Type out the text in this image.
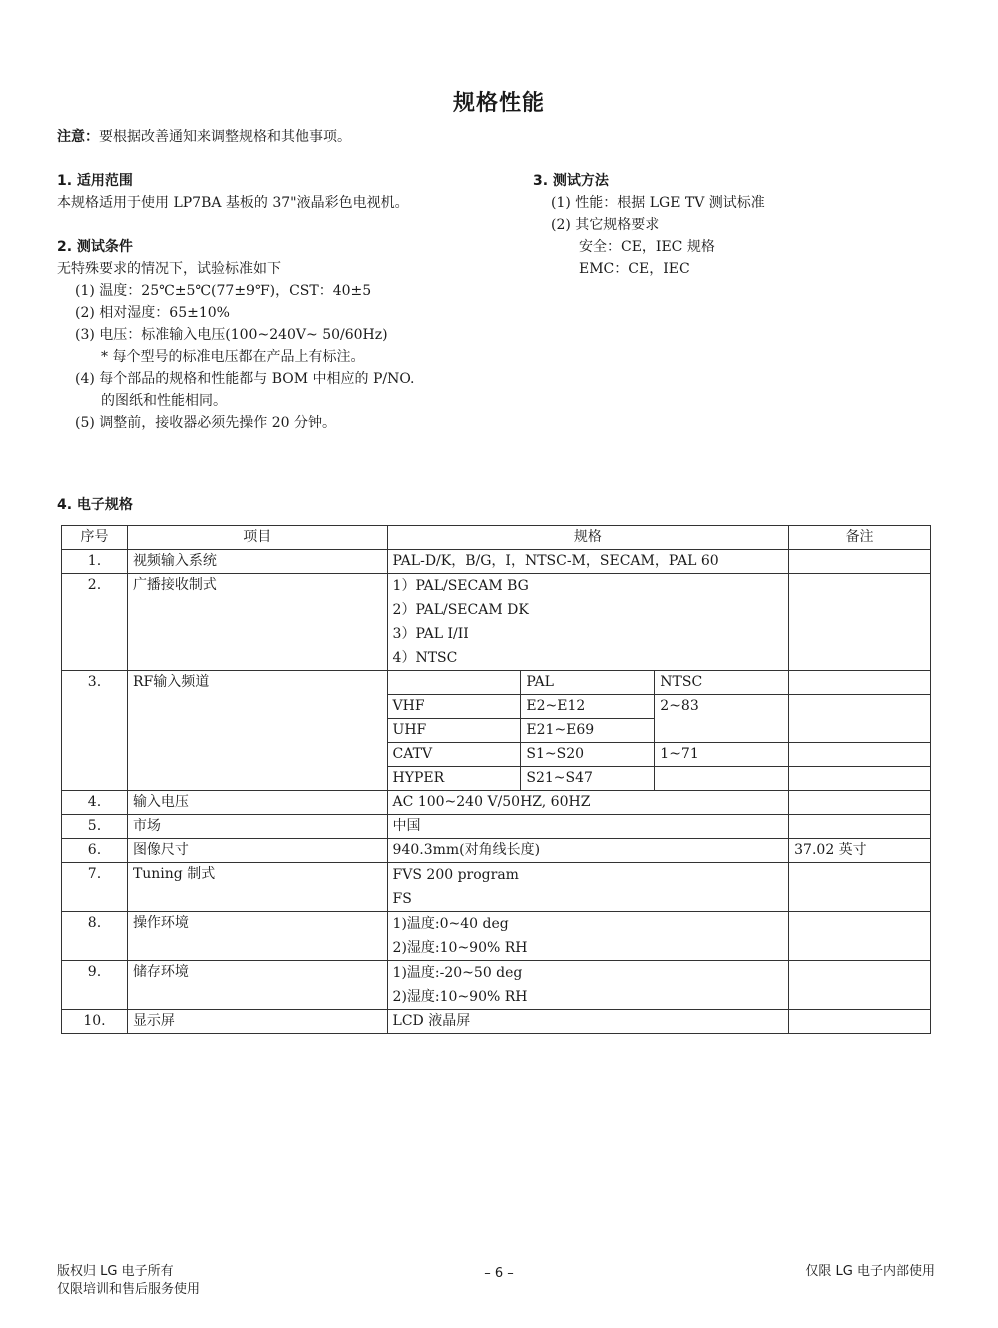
规格性能
注意：要根据改善通知来调整规格和其他事项。
1. 适用范围
本规格适用于使用 LP7BA 基板的 37"液晶彩色电视机。
2. 测试条件
无特殊要求的情况下，试验标准如下
(1) 温度：25℃±5℃(77±9℉)，CST：40±5
(2) 相对湿度：65±10%
(3) 电压：标准输入电压(100~240V~ 50/60Hz)
* 每个型号的标准电压都在产品上有标注。
(4) 每个部品的规格和性能都与 BOM 中相应的 P/NO.
的图纸和性能相同。
(5) 调整前，接收器必须先操作 20 分钟。
3. 测试方法
(1) 性能：根据 LGE TV 测试标准
(2) 其它规格要求
安全：CE，IEC 规格
EMC：CE，IEC
4. 电子规格
序号	项目	规格			备注
1.	视频输入系统	PAL-D/K，B/G，I，NTSC-M，SECAM，PAL 60			
2.	广播接收制式	1）PAL/SECAM BG
2）PAL/SECAM DK
3）PAL I/II
4）NTSC			

3.	RF输入频道		PAL	NTSC	
		VHF	E2~E12	2~83	
		UHF	E21~E69		
		CATV	S1~S20	1~71	
		HYPER	S21~S47		
4.	输入电压	AC 100~240 V/50HZ, 60HZ			
5.	市场	中国			
6.	图像尺寸	940.3mm(对角线长度)			37.02 英寸
7.	Tuning 制式	FVS 200 program
FS			

8.	操作环境	1)温度:0~40 deg
2)湿度:10~90% RH			

9.	储存环境	1)温度:-20~50 deg
2)湿度:10~90% RH			

10.	显示屏	LCD 液晶屏			
版权归 LG 电子所有
仅限培训和售后服务使用
– 6 –	仅限 LG 电子内部使用
